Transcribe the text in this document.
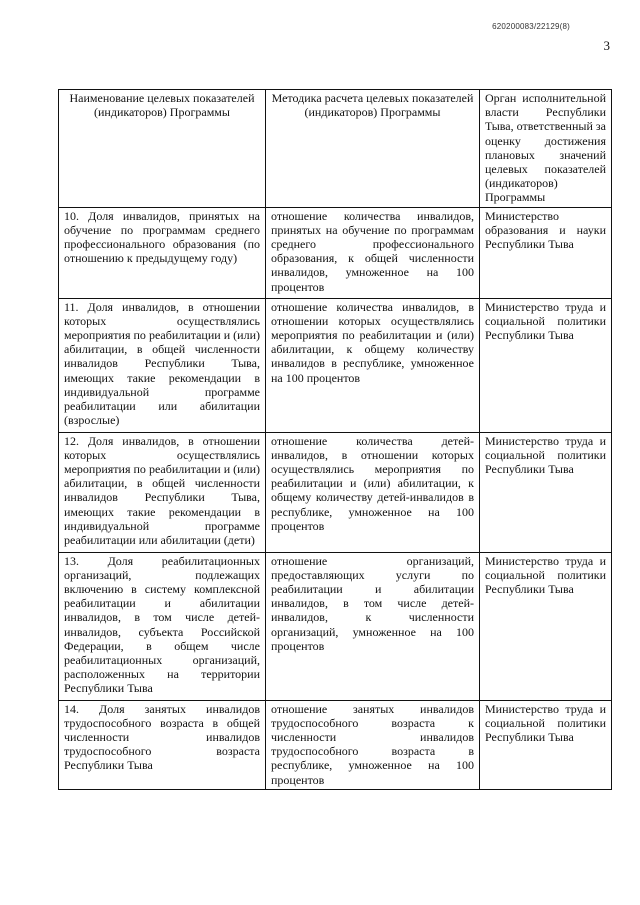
620200083/22129(8)
3
Наименование целевых показателей (индикаторов) Программы	Методика расчета целевых показателей (индикаторов) Программы	Орган исполнительной власти Республики Тыва, ответственный за оценку достижения плановых значений целевых показателей (индикаторов) Программы

10. Доля инвалидов, принятых на обучение по программам среднего профессионального образования (по отношению к предыдущему году)	отношение количества инвалидов, принятых на обучение по программам среднего профессионального образования, к общей численности инвалидов, умноженное на 100 процентов	Министерство образования и науки Республики Тыва

11. Доля инвалидов, в отношении которых осуществлялись мероприятия по реабилитации и (или) абилитации, в общей численности инвалидов Республики Тыва, имеющих такие рекомендации в индивидуальной программе реабилитации или абилитации (взрослые)	отношение количества инвалидов, в отношении которых осуществлялись мероприятия по реабилитации и (или) абилитации, к общему количеству инвалидов в республике, умноженное на 100 процентов	Министерство труда и социальной политики Республики Тыва

12. Доля инвалидов, в отношении которых осуществлялись мероприятия по реабилитации и (или) абилитации, в общей численности инвалидов Республики Тыва, имеющих такие рекомендации в индивидуальной программе реабилитации или абилитации (дети)	отношение количества детей-инвалидов, в отношении которых осуществлялись мероприятия по реабилитации и (или) абилитации, к общему количеству детей-инвалидов в республике, умноженное на 100 процентов	Министерство труда и социальной политики Республики Тыва

13. Доля реабилитационных организаций, подлежащих включению в систему комплексной реабилитации и абилитации инвалидов, в том числе детей-инвалидов, субъекта Российской Федерации, в общем числе реабилитационных организаций, расположенных на территории Республики Тыва	отношение организаций, предоставляющих услуги по реабилитации и абилитации инвалидов, в том числе детей-инвалидов, к численности организаций, умноженное на 100 процентов	Министерство труда и социальной политики Республики Тыва

14. Доля занятых инвалидов трудоспособного возраста в общей численности инвалидов трудоспособного возраста Республики Тыва	отношение занятых инвалидов трудоспособного возраста к численности инвалидов трудоспособного возраста в республике, умноженное на 100 процентов	Министерство труда и социальной политики Республики Тыва
